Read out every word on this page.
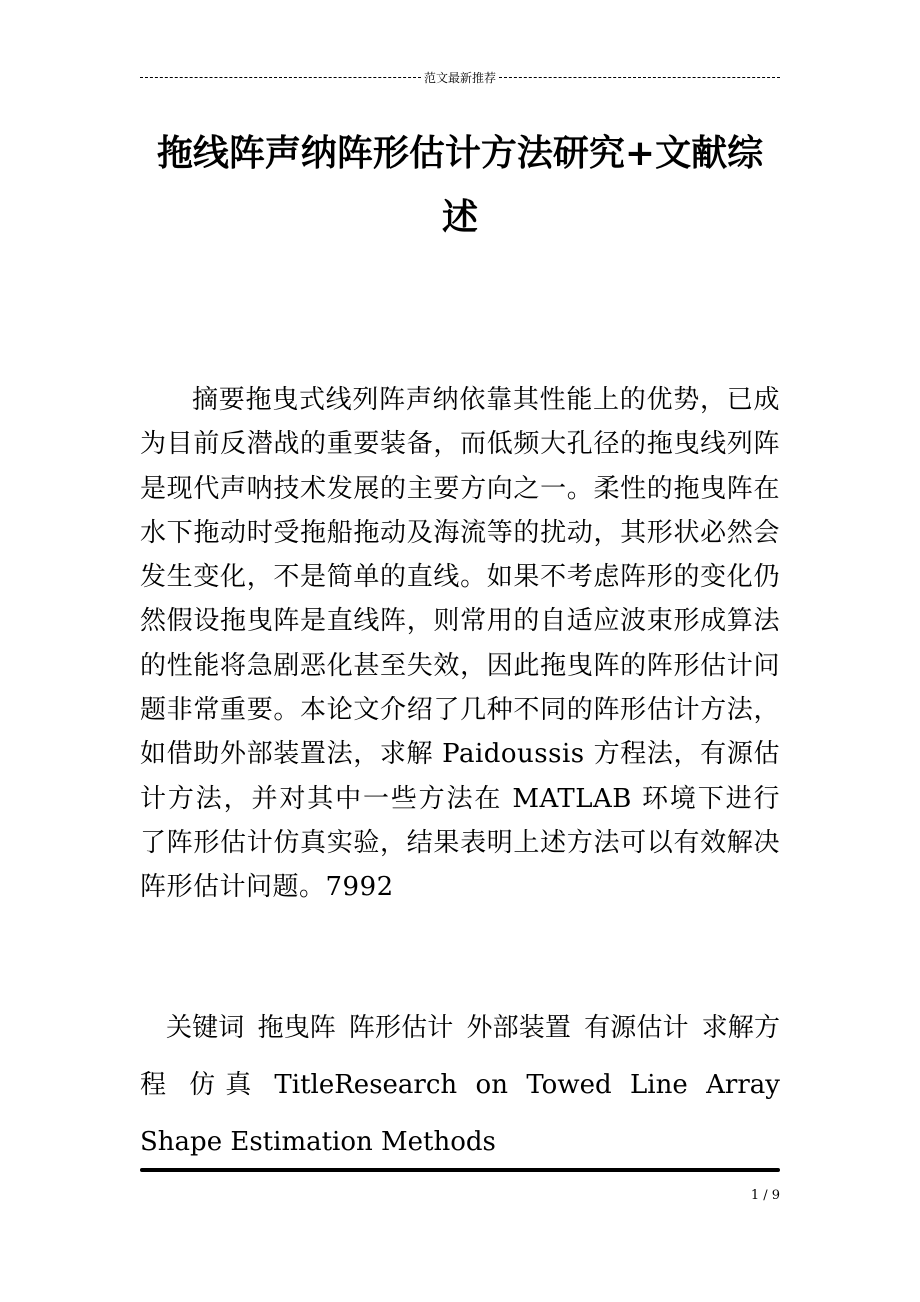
范文最新推荐
拖线阵声纳阵形估计方法研究+文献综述

摘要拖曳式线列阵声纳依靠其性能上的优势，已成为目前反潜战的重要装备，而低频大孔径的拖曳线列阵是现代声呐技术发展的主要方向之一。柔性的拖曳阵在水下拖动时受拖船拖动及海流等的扰动，其形状必然会发生变化，不是简单的直线。如果不考虑阵形的变化仍然假设拖曳阵是直线阵，则常用的自适应波束形成算法的性能将急剧恶化甚至失效，因此拖曳阵的阵形估计问题非常重要。本论文介绍了几种不同的阵形估计方法，如借助外部装置法，求解 Paidoussis 方程法，有源估计方法，并对其中一些方法在 MATLAB 环境下进行了阵形估计仿真实验，结果表明上述方法可以有效解决阵形估计问题。7992

关键词 拖曳阵 阵形估计 外部装置 有源估计 求解方程 仿真 TitleResearch on Towed Line Array Shape Estimation Methods

1 / 9
